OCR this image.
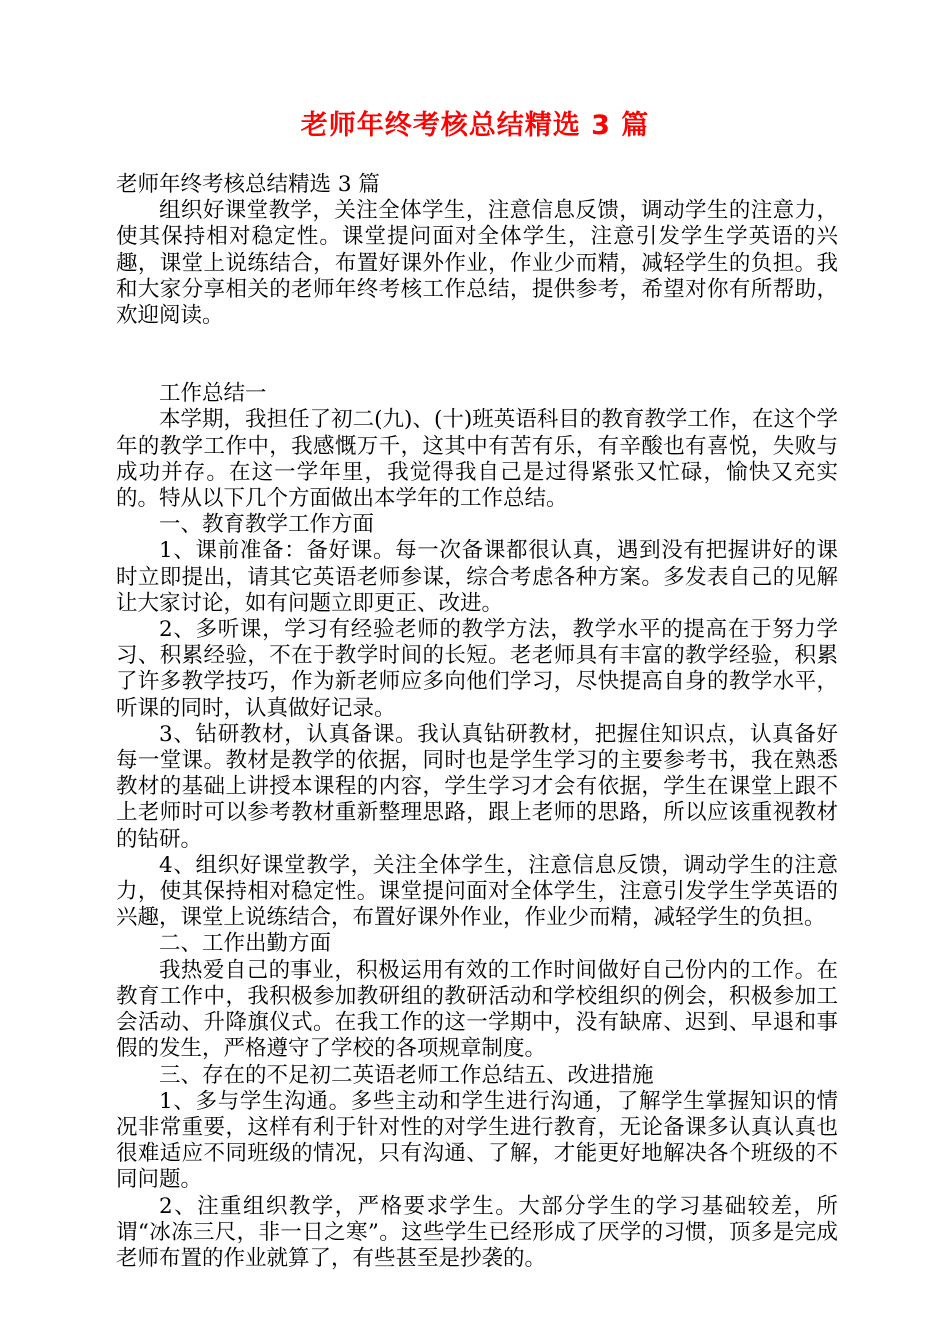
老师年终考核总结精选 3 篇

老师年终考核总结精选 3 篇

组织好课堂教学，关注全体学生，注意信息反馈，调动学生的注意力，使其保持相对稳定性。课堂提问面对全体学生，注意引发学生学英语的兴趣，课堂上说练结合，布置好课外作业，作业少而精，减轻学生的负担。我和大家分享相关的老师年终考核工作总结，提供参考，希望对你有所帮助，欢迎阅读。

工作总结一

本学期，我担任了初二(九)、(十)班英语科目的教育教学工作，在这个学年的教学工作中，我感慨万千，这其中有苦有乐，有辛酸也有喜悦，失败与成功并存。在这一学年里，我觉得我自己是过得紧张又忙碌，愉快又充实的。特从以下几个方面做出本学年的工作总结。

一、教育教学工作方面

1、课前准备：备好课。每一次备课都很认真，遇到没有把握讲好的课时立即提出，请其它英语老师参谋，综合考虑各种方案。多发表自己的见解让大家讨论，如有问题立即更正、改进。

2、多听课，学习有经验老师的教学方法，教学水平的提高在于努力学习、积累经验，不在于教学时间的长短。老老师具有丰富的教学经验，积累了许多教学技巧，作为新老师应多向他们学习，尽快提高自身的教学水平，听课的同时，认真做好记录。

3、钻研教材，认真备课。我认真钻研教材，把握住知识点，认真备好每一堂课。教材是教学的依据，同时也是学生学习的主要参考书，我在熟悉教材的基础上讲授本课程的内容，学生学习才会有依据，学生在课堂上跟不上老师时可以参考教材重新整理思路，跟上老师的思路，所以应该重视教材的钻研。

4、组织好课堂教学，关注全体学生，注意信息反馈，调动学生的注意力，使其保持相对稳定性。课堂提问面对全体学生，注意引发学生学英语的兴趣，课堂上说练结合，布置好课外作业，作业少而精，减轻学生的负担。

二、工作出勤方面

我热爱自己的事业，积极运用有效的工作时间做好自己份内的工作。在教育工作中，我积极参加教研组的教研活动和学校组织的例会，积极参加工会活动、升降旗仪式。在我工作的这一学期中，没有缺席、迟到、早退和事假的发生，严格遵守了学校的各项规章制度。

三、存在的不足初二英语老师工作总结五、改进措施

1、多与学生沟通。多些主动和学生进行沟通，了解学生掌握知识的情况非常重要，这样有利于针对性的对学生进行教育，无论备课多认真认真也很难适应不同班级的情况，只有沟通、了解，才能更好地解决各个班级的不同问题。

2、注重组织教学，严格要求学生。大部分学生的学习基础较差，所谓“冰冻三尺，非一日之寒”。这些学生已经形成了厌学的习惯，顶多是完成老师布置的作业就算了，有些甚至是抄袭的。
